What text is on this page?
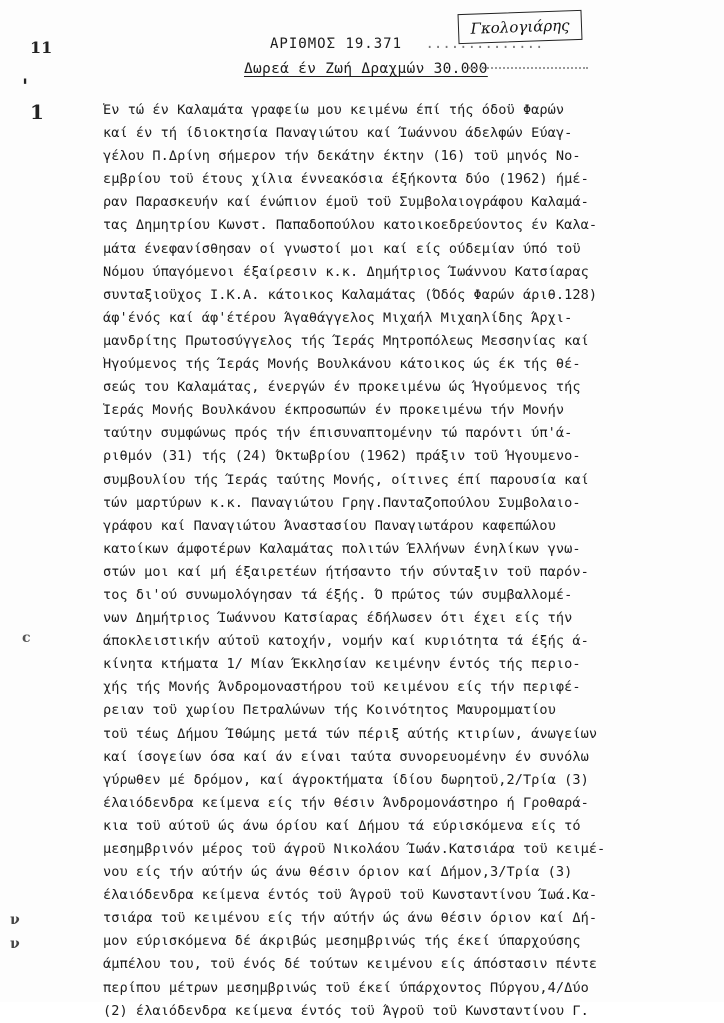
Γκολογιάρης
11
'
1
c
ν
ν
ΑΡΙΘΜΟΣ 19.371 ..............
Δωρεά έν Ζωή Δραχμών 30.000
Έν τώ έν Καλαμάτα γραφείω μου κειμένω έπί τής όδοϋ Φαρών
καί έν τή ίδιοκτησία Παναγιώτου καί Ίωάννου άδελφών Εύαγ-
γέλου Π.Δρίνη σήμερον τήν δεκάτην έκτην (16) τοϋ μηνός Νο-
εμβρίου τοϋ έτους χίλια έννεακόσια έξήκοντα δύο (1962) ήμέ-
ραν Παρασκευήν καί ένώπιον έμοϋ τοϋ Συμβολαιογράφου Καλαμά-
τας Δημητρίου Κωνστ. Παπαδοπούλου κατοικοεδρεύοντος έν Καλα-
μάτα ένεφανίσθησαν οί γνωστοί μοι καί είς ούδεμίαν ύπό τοϋ
Νόμου ύπαγόμενοι έξαίρεσιν κ.κ. Δημήτριος Ίωάννου Κατσίαρας
συνταξιοϋχος Ι.Κ.Α. κάτοικος Καλαμάτας (Όδός Φαρών άριθ.128)
άφ'ένός καί άφ'έτέρου Άγαθάγγελος Μιχαήλ Μιχαηλίδης Άρχι-
μανδρίτης Πρωτοσύγγελος τής Ίεράς Μητροπόλεως Μεσσηνίας καί
Ήγούμενος τής Ίεράς Μονής Βουλκάνου κάτοικος ώς έκ τής θέ-
σεώς του Καλαμάτας, ένεργών έν προκειμένω ώς Ήγούμενος τής
Ίεράς Μονής Βουλκάνου έκπροσωπών έν προκειμένω τήν Μονήν
ταύτην συμφώνως πρός τήν έπισυναπτομένην τώ παρόντι ύπ'ά-
ριθμόν (31) τής (24) Όκτωβρίου (1962) πράξιν τοϋ Ήγουμενο-
συμβουλίου τής Ίεράς ταύτης Μονής, οίτινες έπί παρουσία καί
τών μαρτύρων κ.κ. Παναγιώτου Γρηγ.Πανταζοπούλου Συμβολαιο-
γράφου καί Παναγιώτου Άναστασίου Παναγιωτάρου καφεπώλου
κατοίκων άμφοτέρων Καλαμάτας πολιτών Έλλήνων ένηλίκων γνω-
στών μοι καί μή έξαιρετέων ήτήσαντο τήν σύνταξιν τοϋ παρόν-
τος δι'ού συνωμολόγησαν τά έξής. Ό πρώτος τών συμβαλλομέ-
νων Δημήτριος Ίωάννου Κατσίαρας έδήλωσεν ότι έχει είς τήν
άποκλειστικήν αύτοϋ κατοχήν, νομήν καί κυριότητα τά έξής ά-
κίνητα κτήματα 1/ Μίαν Έκκλησίαν κειμένην έντός τής περιο-
χής τής Μονής Άνδρομοναστήρου τοϋ κειμένου είς τήν περιφέ-
ρειαν τοϋ χωρίου Πετραλώνων τής Κοινότητος Μαυρομματίου
τοϋ τέως Δήμου Ίθώμης μετά τών πέριξ αύτής κτιρίων, άνωγείων
καί ίσογείων όσα καί άν είναι ταύτα συνορευομένην έν συνόλω
γύρωθεν μέ δρόμον, καί άγροκτήματα ίδίου δωρητοϋ,2/Τρία (3)
έλαιόδενδρα κείμενα είς τήν θέσιν Άνδρομονάστηρο ή Γροθαρά-
κια τοϋ αύτοϋ ώς άνω όρίου καί Δήμου τά εύρισκόμενα είς τό
μεσημβρινόν μέρος τοϋ άγροϋ Νικολάου Ίωάν.Κατσιάρα τοϋ κειμέ-
νου είς τήν αύτήν ώς άνω θέσιν όριον καί Δήμον,3/Τρία (3)
έλαιόδενδρα κείμενα έντός τοϋ Άγροϋ τοϋ Κωνσταντίνου Ίωά.Κα-
τσιάρα τοϋ κειμένου είς τήν αύτήν ώς άνω θέσιν όριον καί Δή-
μον εύρισκόμενα δέ άκριβώς μεσημβρινώς τής έκεί ύπαρχούσης
άμπέλου του, τοϋ ένός δέ τούτων κειμένου είς άπόστασιν πέντε
περίπου μέτρων μεσημβρινώς τοϋ έκεί ύπάρχοντος Πύργου,4/Δύο
(2) έλαιόδενδρα κείμενα έντός τοϋ Άγροϋ τοϋ Κωνσταντίνου Γ.
